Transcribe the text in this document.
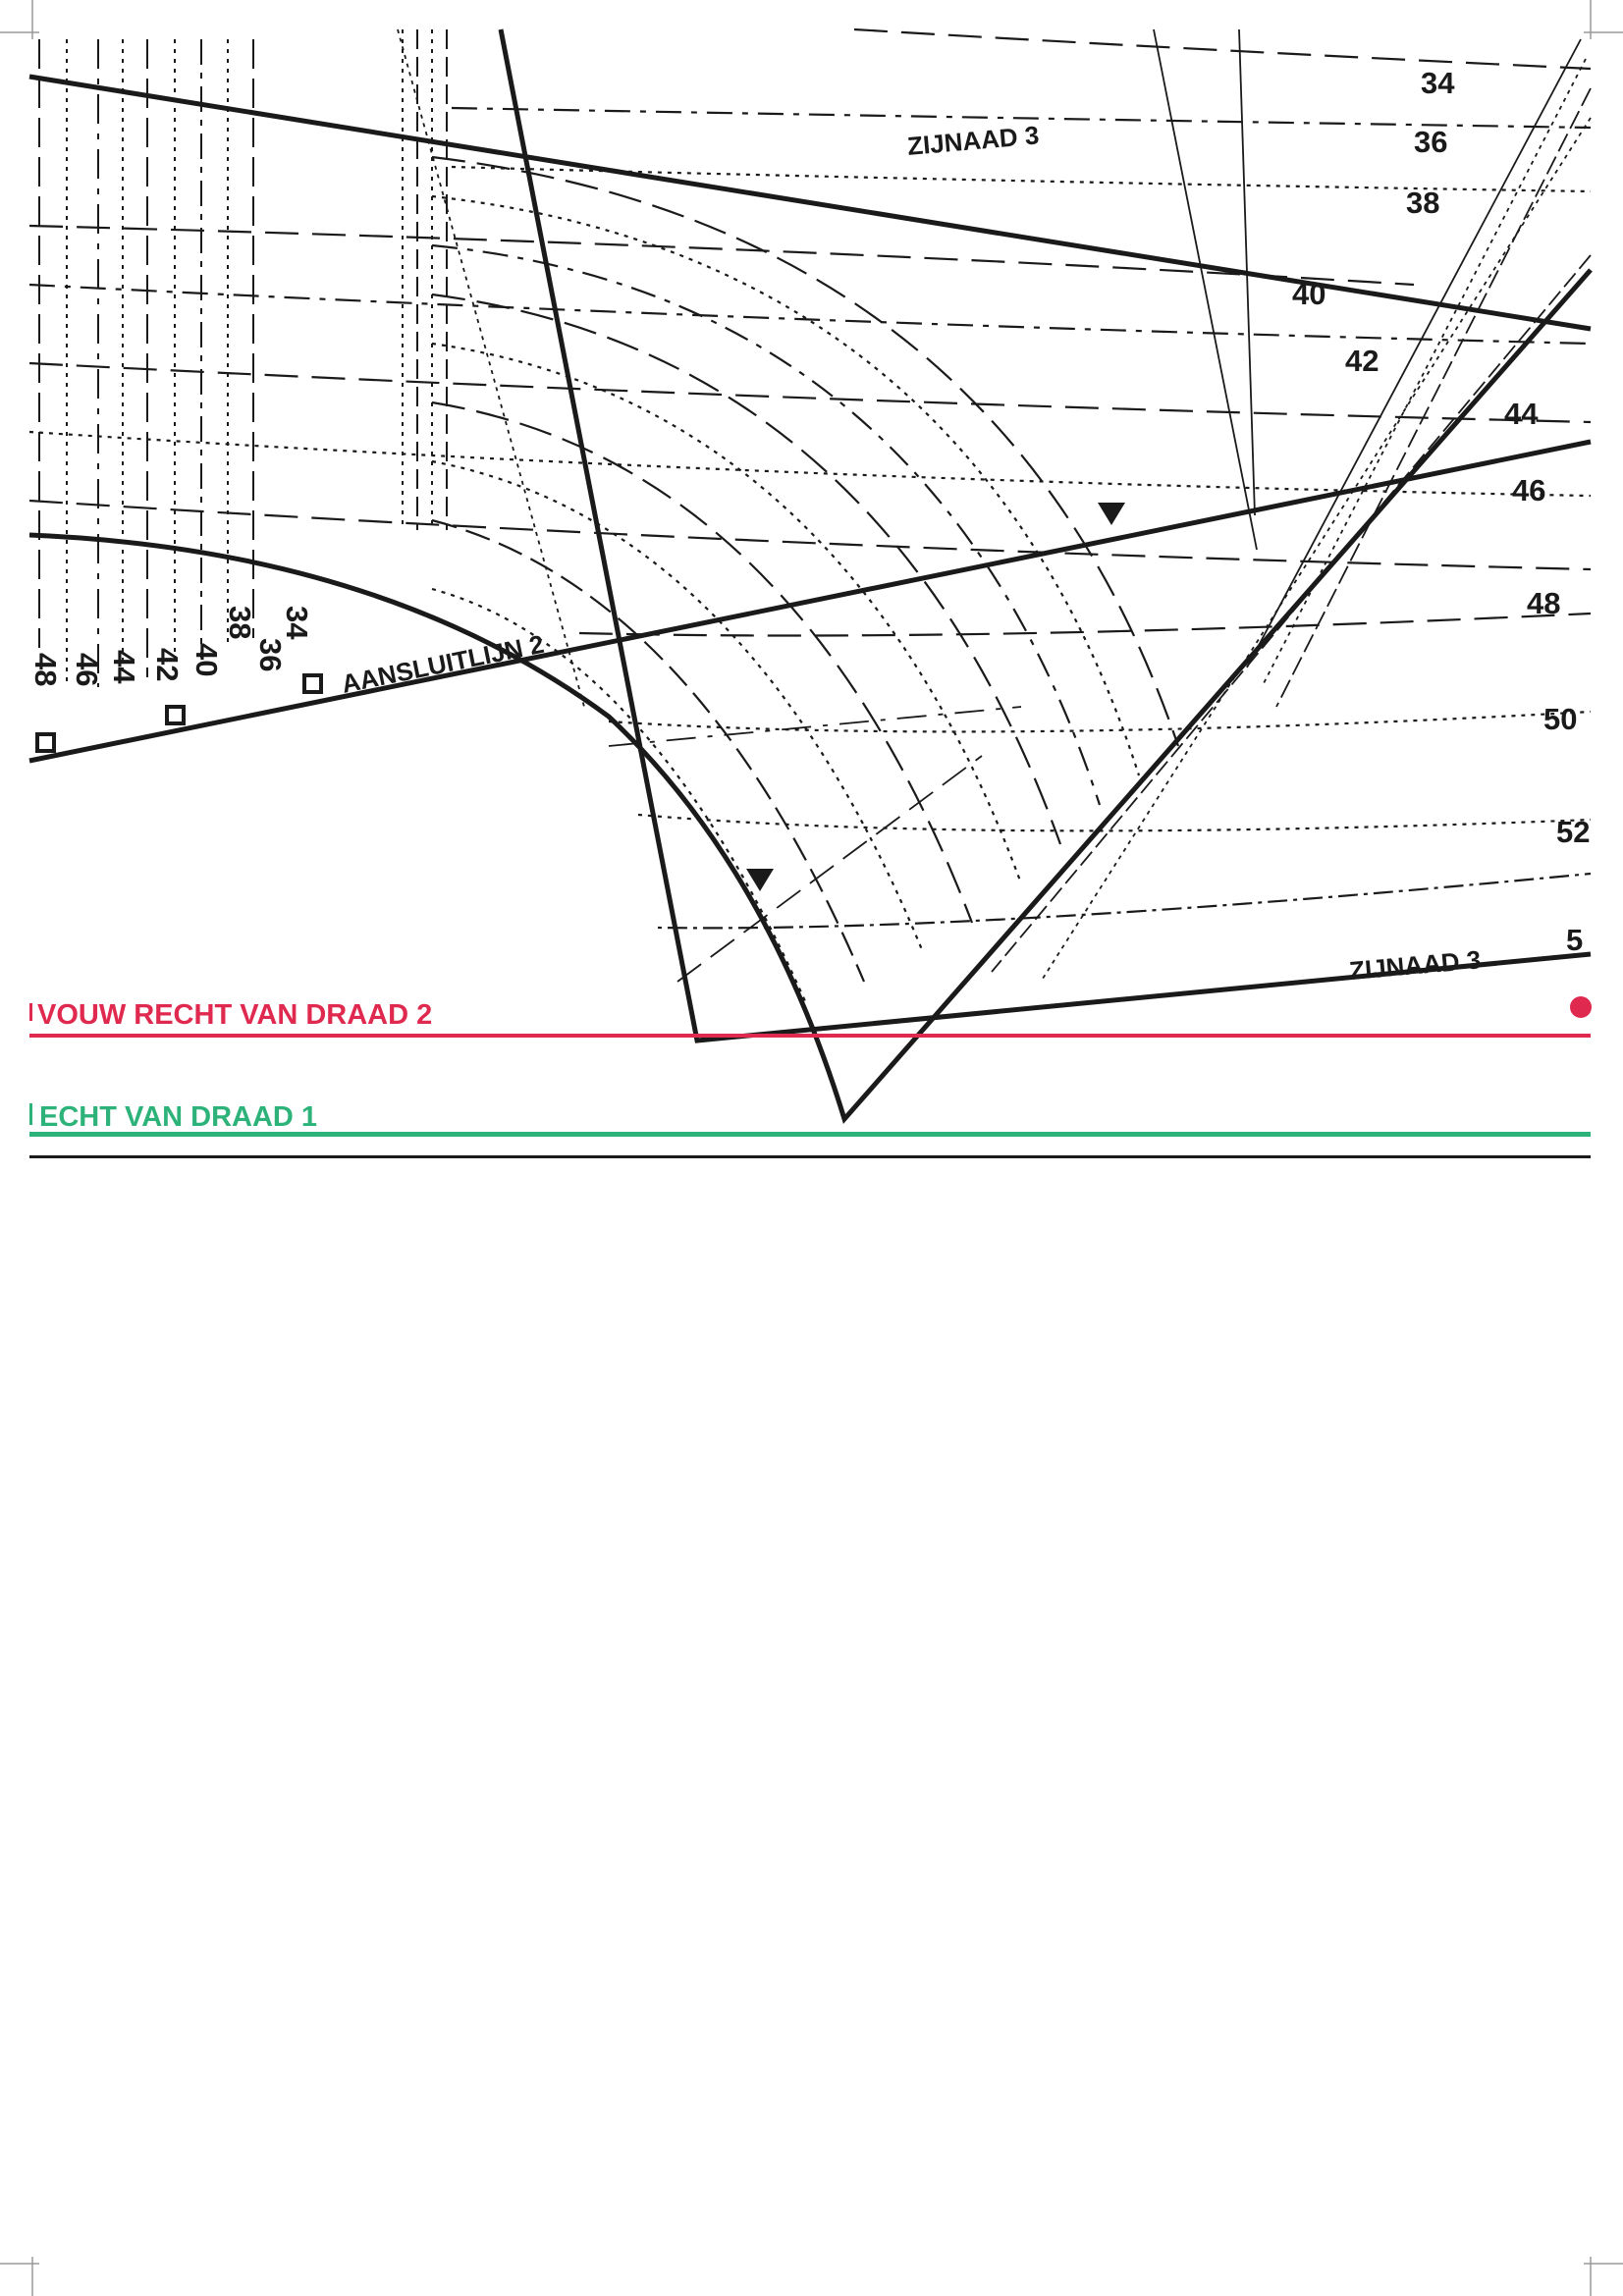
34
36
38
40
42
44
46
48
50
52
5
48 46 44 42 40
38
36
34
ZIJNAAD 3
ZIJNAAD 3
AANSLUITLIJN 2
VOUW RECHT VAN DRAAD 2
ECHT VAN DRAAD 1
